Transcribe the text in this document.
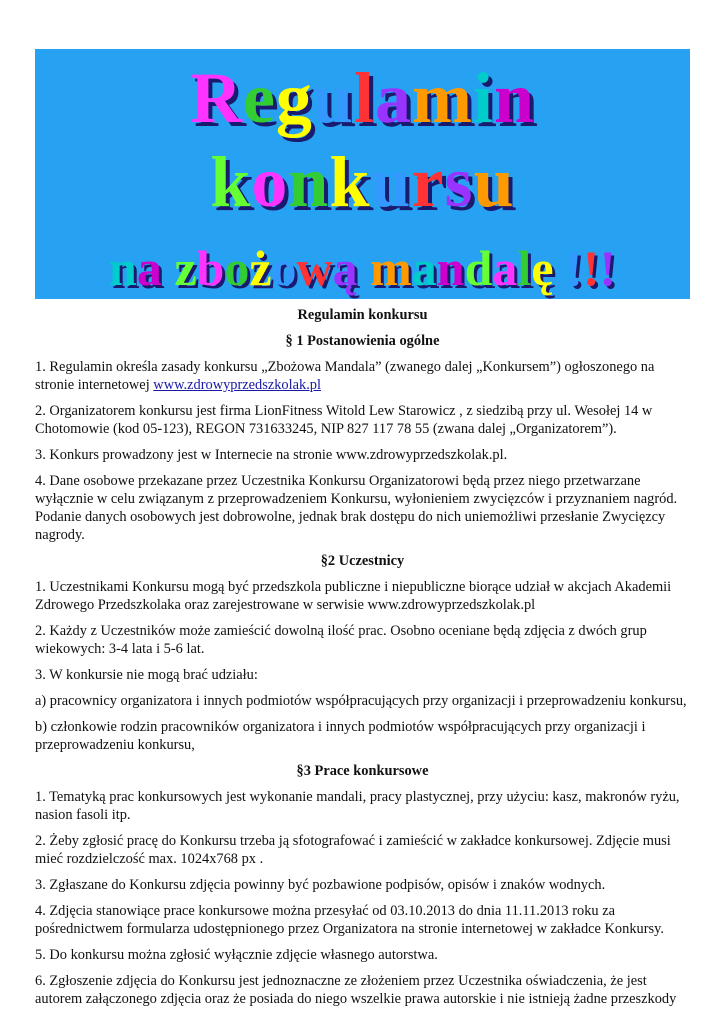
Regulamin
konkursu
na zbożową mandalę !!!

Regulamin konkursu

§ 1 Postanowienia ogólne

1. Regulamin określa zasady konkursu „Zbożowa Mandala” (zwanego dalej „Konkursem”) ogłoszonego na stronie internetowej www.zdrowyprzedszkolak.pl

2. Organizatorem konkursu jest firma LionFitness Witold Lew Starowicz , z siedzibą przy ul. Wesołej 14 w Chotomowie (kod 05-123), REGON 731633245, NIP 827 117 78 55 (zwana dalej „Organizatorem”).

3. Konkurs prowadzony jest w Internecie na stronie www.zdrowyprzedszkolak.pl.

4. Dane osobowe przekazane przez Uczestnika Konkursu Organizatorowi będą przez niego przetwarzane wyłącznie w celu związanym z przeprowadzeniem Konkursu, wyłonieniem zwycięzców i przyznaniem nagród. Podanie danych osobowych jest dobrowolne, jednak brak dostępu do nich uniemożliwi przesłanie Zwycięzcy nagrody.

§2 Uczestnicy

1. Uczestnikami Konkursu mogą być przedszkola publiczne i niepubliczne biorące udział w akcjach Akademii Zdrowego Przedszkolaka oraz zarejestrowane w serwisie www.zdrowyprzedszkolak.pl

2. Każdy z Uczestników może zamieścić dowolną ilość prac. Osobno oceniane będą zdjęcia z dwóch grup wiekowych: 3-4 lata i 5-6 lat.

3. W konkursie nie mogą brać udziału:

a) pracownicy organizatora i innych podmiotów współpracujących przy organizacji i przeprowadzeniu konkursu,

b) członkowie rodzin pracowników organizatora i innych podmiotów współpracujących przy organizacji i przeprowadzeniu konkursu,

§3 Prace konkursowe

1. Tematyką prac konkursowych jest wykonanie mandali, pracy plastycznej, przy użyciu: kasz, makronów ryżu, nasion fasoli itp.

2. Żeby zgłosić pracę do Konkursu trzeba ją sfotografować i zamieścić w zakładce konkursowej. Zdjęcie musi mieć rozdzielczość max. 1024x768 px .

3. Zgłaszane do Konkursu zdjęcia powinny być pozbawione podpisów, opisów i znaków wodnych.

4. Zdjęcia stanowiące prace konkursowe można przesyłać od 03.10.2013 do dnia 11.11.2013 roku za pośrednictwem formularza udostępnionego przez Organizatora na stronie internetowej w zakładce Konkursy.

5. Do konkursu można zgłosić wyłącznie zdjęcie własnego autorstwa.

6. Zgłoszenie zdjęcia do Konkursu jest jednoznaczne ze złożeniem przez Uczestnika oświadczenia, że jest autorem załączonego zdjęcia oraz że posiada do niego wszelkie prawa autorskie i nie istnieją żadne przeszkody
